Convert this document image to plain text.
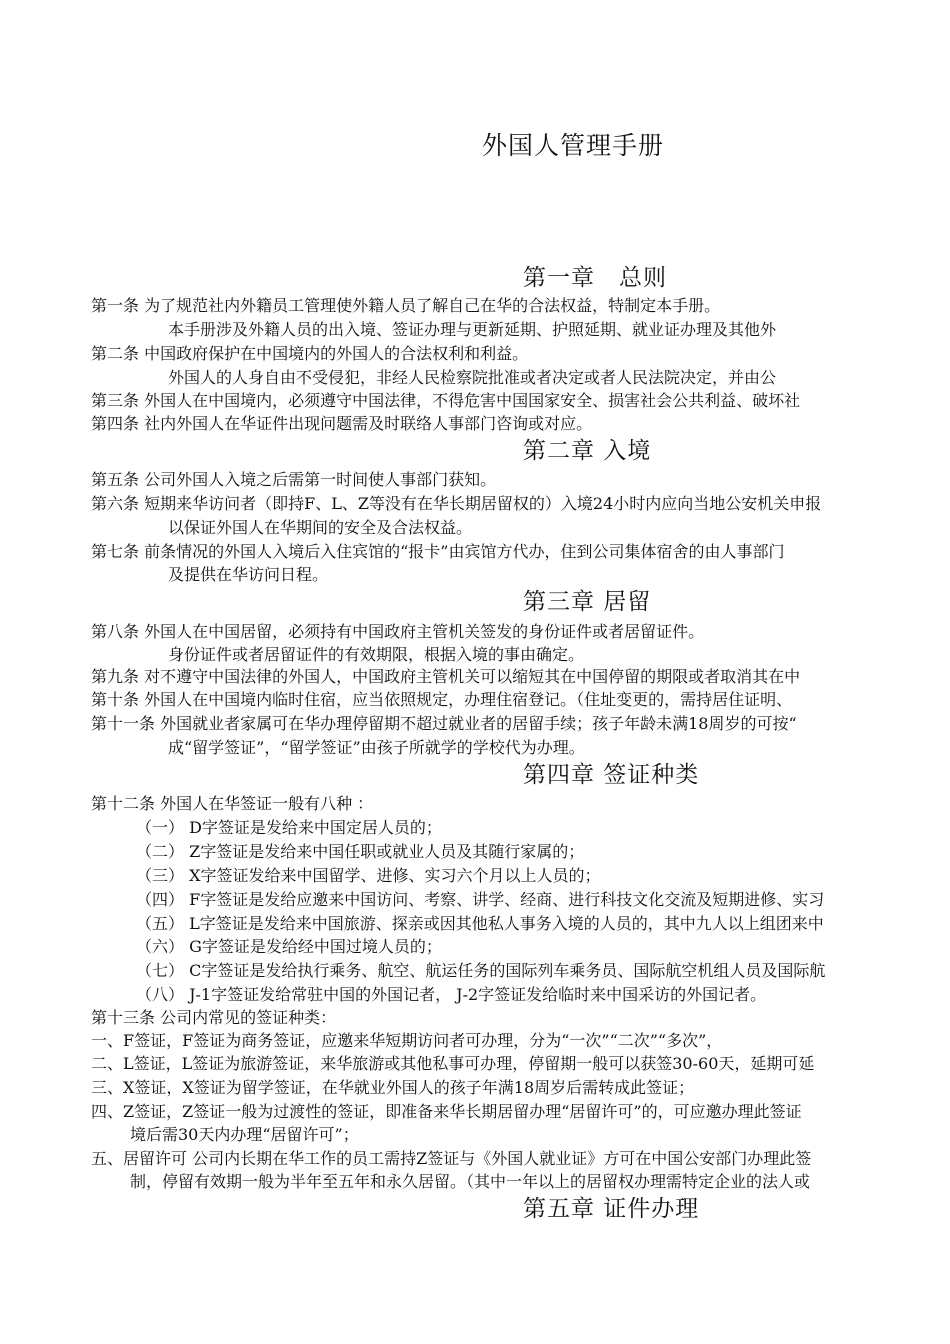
外国人管理手册
第一章　总则
第一条 为了规范社内外籍员工管理使外籍人员了解自己在华的合法权益，特制定本手册。
本手册涉及外籍人员的出入境、签证办理与更新延期、护照延期、就业证办理及其他外
第二条 中国政府保护在中国境内的外国人的合法权利和利益。
外国人的人身自由不受侵犯，非经人民检察院批准或者决定或者人民法院决定，并由公
第三条 外国人在中国境内，必须遵守中国法律，不得危害中国国家安全、损害社会公共利益、破坏社
第四条 社内外国人在华证件出现问题需及时联络人事部门咨询或对应。
第二章 入境
第五条 公司外国人入境之后需第一时间使人事部门获知。
第六条 短期来华访问者（即持F、L、Z等没有在华长期居留权的）入境24小时内应向当地公安机关申报
以保证外国人在华期间的安全及合法权益。
第七条 前条情况的外国人入境后入住宾馆的“报卡”由宾馆方代办，住到公司集体宿舍的由人事部门
及提供在华访问日程。
第三章 居留
第八条 外国人在中国居留，必须持有中国政府主管机关签发的身份证件或者居留证件。
身份证件或者居留证件的有效期限，根据入境的事由确定。
第九条 对不遵守中国法律的外国人，中国政府主管机关可以缩短其在中国停留的期限或者取消其在中
第十条 外国人在中国境内临时住宿，应当依照规定，办理住宿登记。（住址变更的，需持居住证明、
第十一条 外国就业者家属可在华办理停留期不超过就业者的居留手续；孩子年龄未满18周岁的可按“
成“留学签证”，“留学签证”由孩子所就学的学校代为办理。
第四章 签证种类
第十二条 外国人在华签证一般有八种 ：
（一） D字签证是发给来中国定居人员的；
（二） Z字签证是发给来中国任职或就业人员及其随行家属的；
（三） X字签证发给来中国留学、进修、实习六个月以上人员的；
（四） F字签证是发给应邀来中国访问、考察、讲学、经商、进行科技文化交流及短期进修、实习
（五） L字签证是发给来中国旅游、探亲或因其他私人事务入境的人员的，其中九人以上组团来中
（六） G字签证是发给经中国过境人员的；
（七） C字签证是发给执行乘务、航空、航运任务的国际列车乘务员、国际航空机组人员及国际航
（八） J-1字签证发给常驻中国的外国记者， J-2字签证发给临时来中国采访的外国记者。
第十三条 公司内常见的签证种类：
一、F签证，F签证为商务签证，应邀来华短期访问者可办理，分为“一次”“二次”“多次”，
二、L签证，L签证为旅游签证，来华旅游或其他私事可办理，停留期一般可以获签30-60天，延期可延
三、X签证，X签证为留学签证，在华就业外国人的孩子年满18周岁后需转成此签证；
四、Z签证，Z签证一般为过渡性的签证，即准备来华长期居留办理“居留许可”的，可应邀办理此签证
境后需30天内办理“居留许可”；
五、居留许可 公司内长期在华工作的员工需持Z签证与《外国人就业证》方可在中国公安部门办理此签
制，停留有效期一般为半年至五年和永久居留。（其中一年以上的居留权办理需特定企业的法人或
第五章 证件办理
